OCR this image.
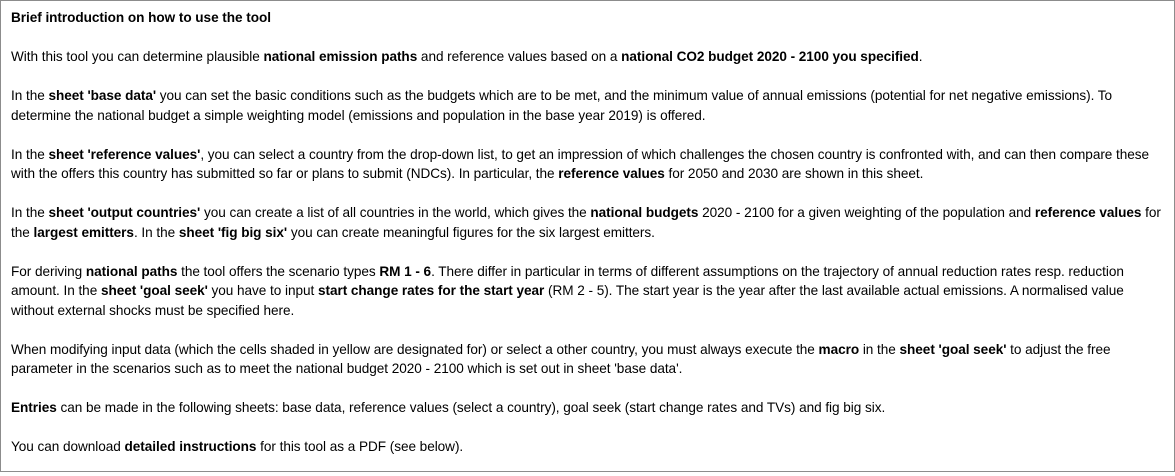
Brief introduction on how to use the tool

With this tool you can determine plausible national emission paths and reference values based on a national CO2 budget 2020 - 2100 you specified.

In the sheet 'base data' you can set the basic conditions such as the budgets which are to be met, and the minimum value of annual emissions (potential for net negative emissions). To determine the national budget a simple weighting model (emissions and population in the base year 2019) is offered.

In the sheet 'reference values', you can select a country from the drop-down list, to get an impression of which challenges the chosen country is confronted with, and can then compare these with the offers this country has submitted so far or plans to submit (NDCs). In particular, the reference values for 2050 and 2030 are shown in this sheet.

In the sheet 'output countries' you can create a list of all countries in the world, which gives the national budgets 2020 - 2100 for a given weighting of the population and reference values for the largest emitters. In the sheet 'fig big six' you can create meaningful figures for the six largest emitters.

For deriving national paths the tool offers the scenario types RM 1 - 6. There differ in particular in terms of different assumptions on the trajectory of annual reduction rates resp. reduction amount. In the sheet 'goal seek' you have to input start change rates for the start year (RM 2 - 5). The start year is the year after the last available actual emissions. A normalised value without external shocks must be specified here.

When modifying input data (which the cells shaded in yellow are designated for) or select a other country, you must always execute the macro in the sheet 'goal seek' to adjust the free parameter in the scenarios such as to meet the national budget 2020 - 2100 which is set out in sheet 'base data'.

Entries can be made in the following sheets: base data, reference values (select a country), goal seek (start change rates and TVs) and fig big six.

You can download detailed instructions for this tool as a PDF (see below).
